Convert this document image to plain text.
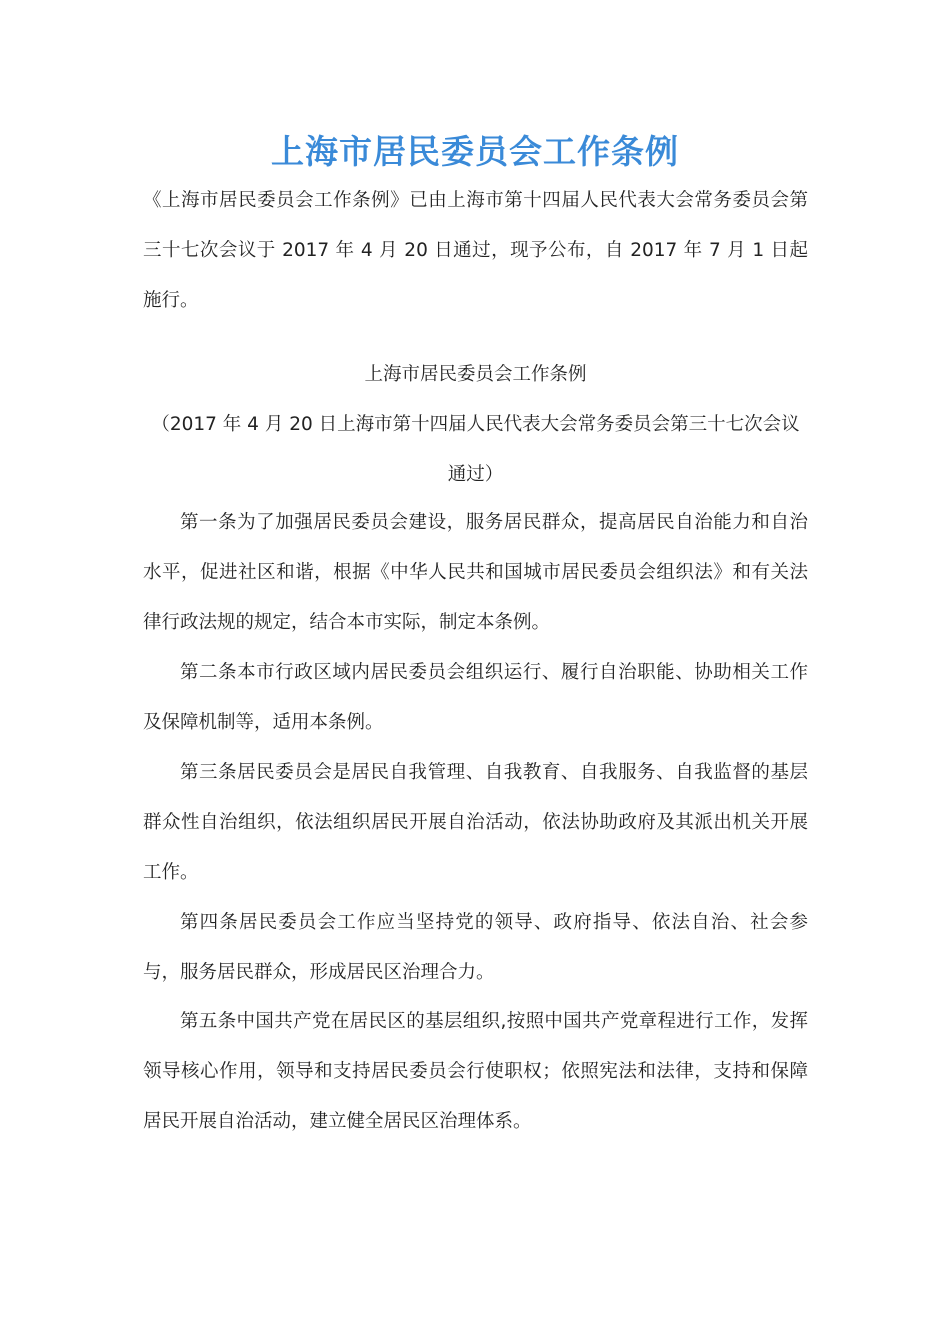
上海市居民委员会工作条例
《上海市居民委员会工作条例》已由上海市第十四届人民代表大会常务委员会第三十七次会议于 2017 年 4 月 20 日通过，现予公布，自 2017 年 7 月 1 日起施行。
上海市居民委员会工作条例
（2017 年 4 月 20 日上海市第十四届人民代表大会常务委员会第三十七次会议通过）
第一条为了加强居民委员会建设，服务居民群众，提高居民自治能力和自治水平，促进社区和谐，根据《中华人民共和国城市居民委员会组织法》和有关法律行政法规的规定，结合本市实际，制定本条例。
第二条本市行政区域内居民委员会组织运行、履行自治职能、协助相关工作及保障机制等，适用本条例。
第三条居民委员会是居民自我管理、自我教育、自我服务、自我监督的基层群众性自治组织，依法组织居民开展自治活动，依法协助政府及其派出机关开展工作。
第四条居民委员会工作应当坚持党的领导、政府指导、依法自治、社会参与，服务居民群众，形成居民区治理合力。
第五条中国共产党在居民区的基层组织,按照中国共产党章程进行工作，发挥领导核心作用，领导和支持居民委员会行使职权；依照宪法和法律，支持和保障居民开展自治活动，建立健全居民区治理体系。
